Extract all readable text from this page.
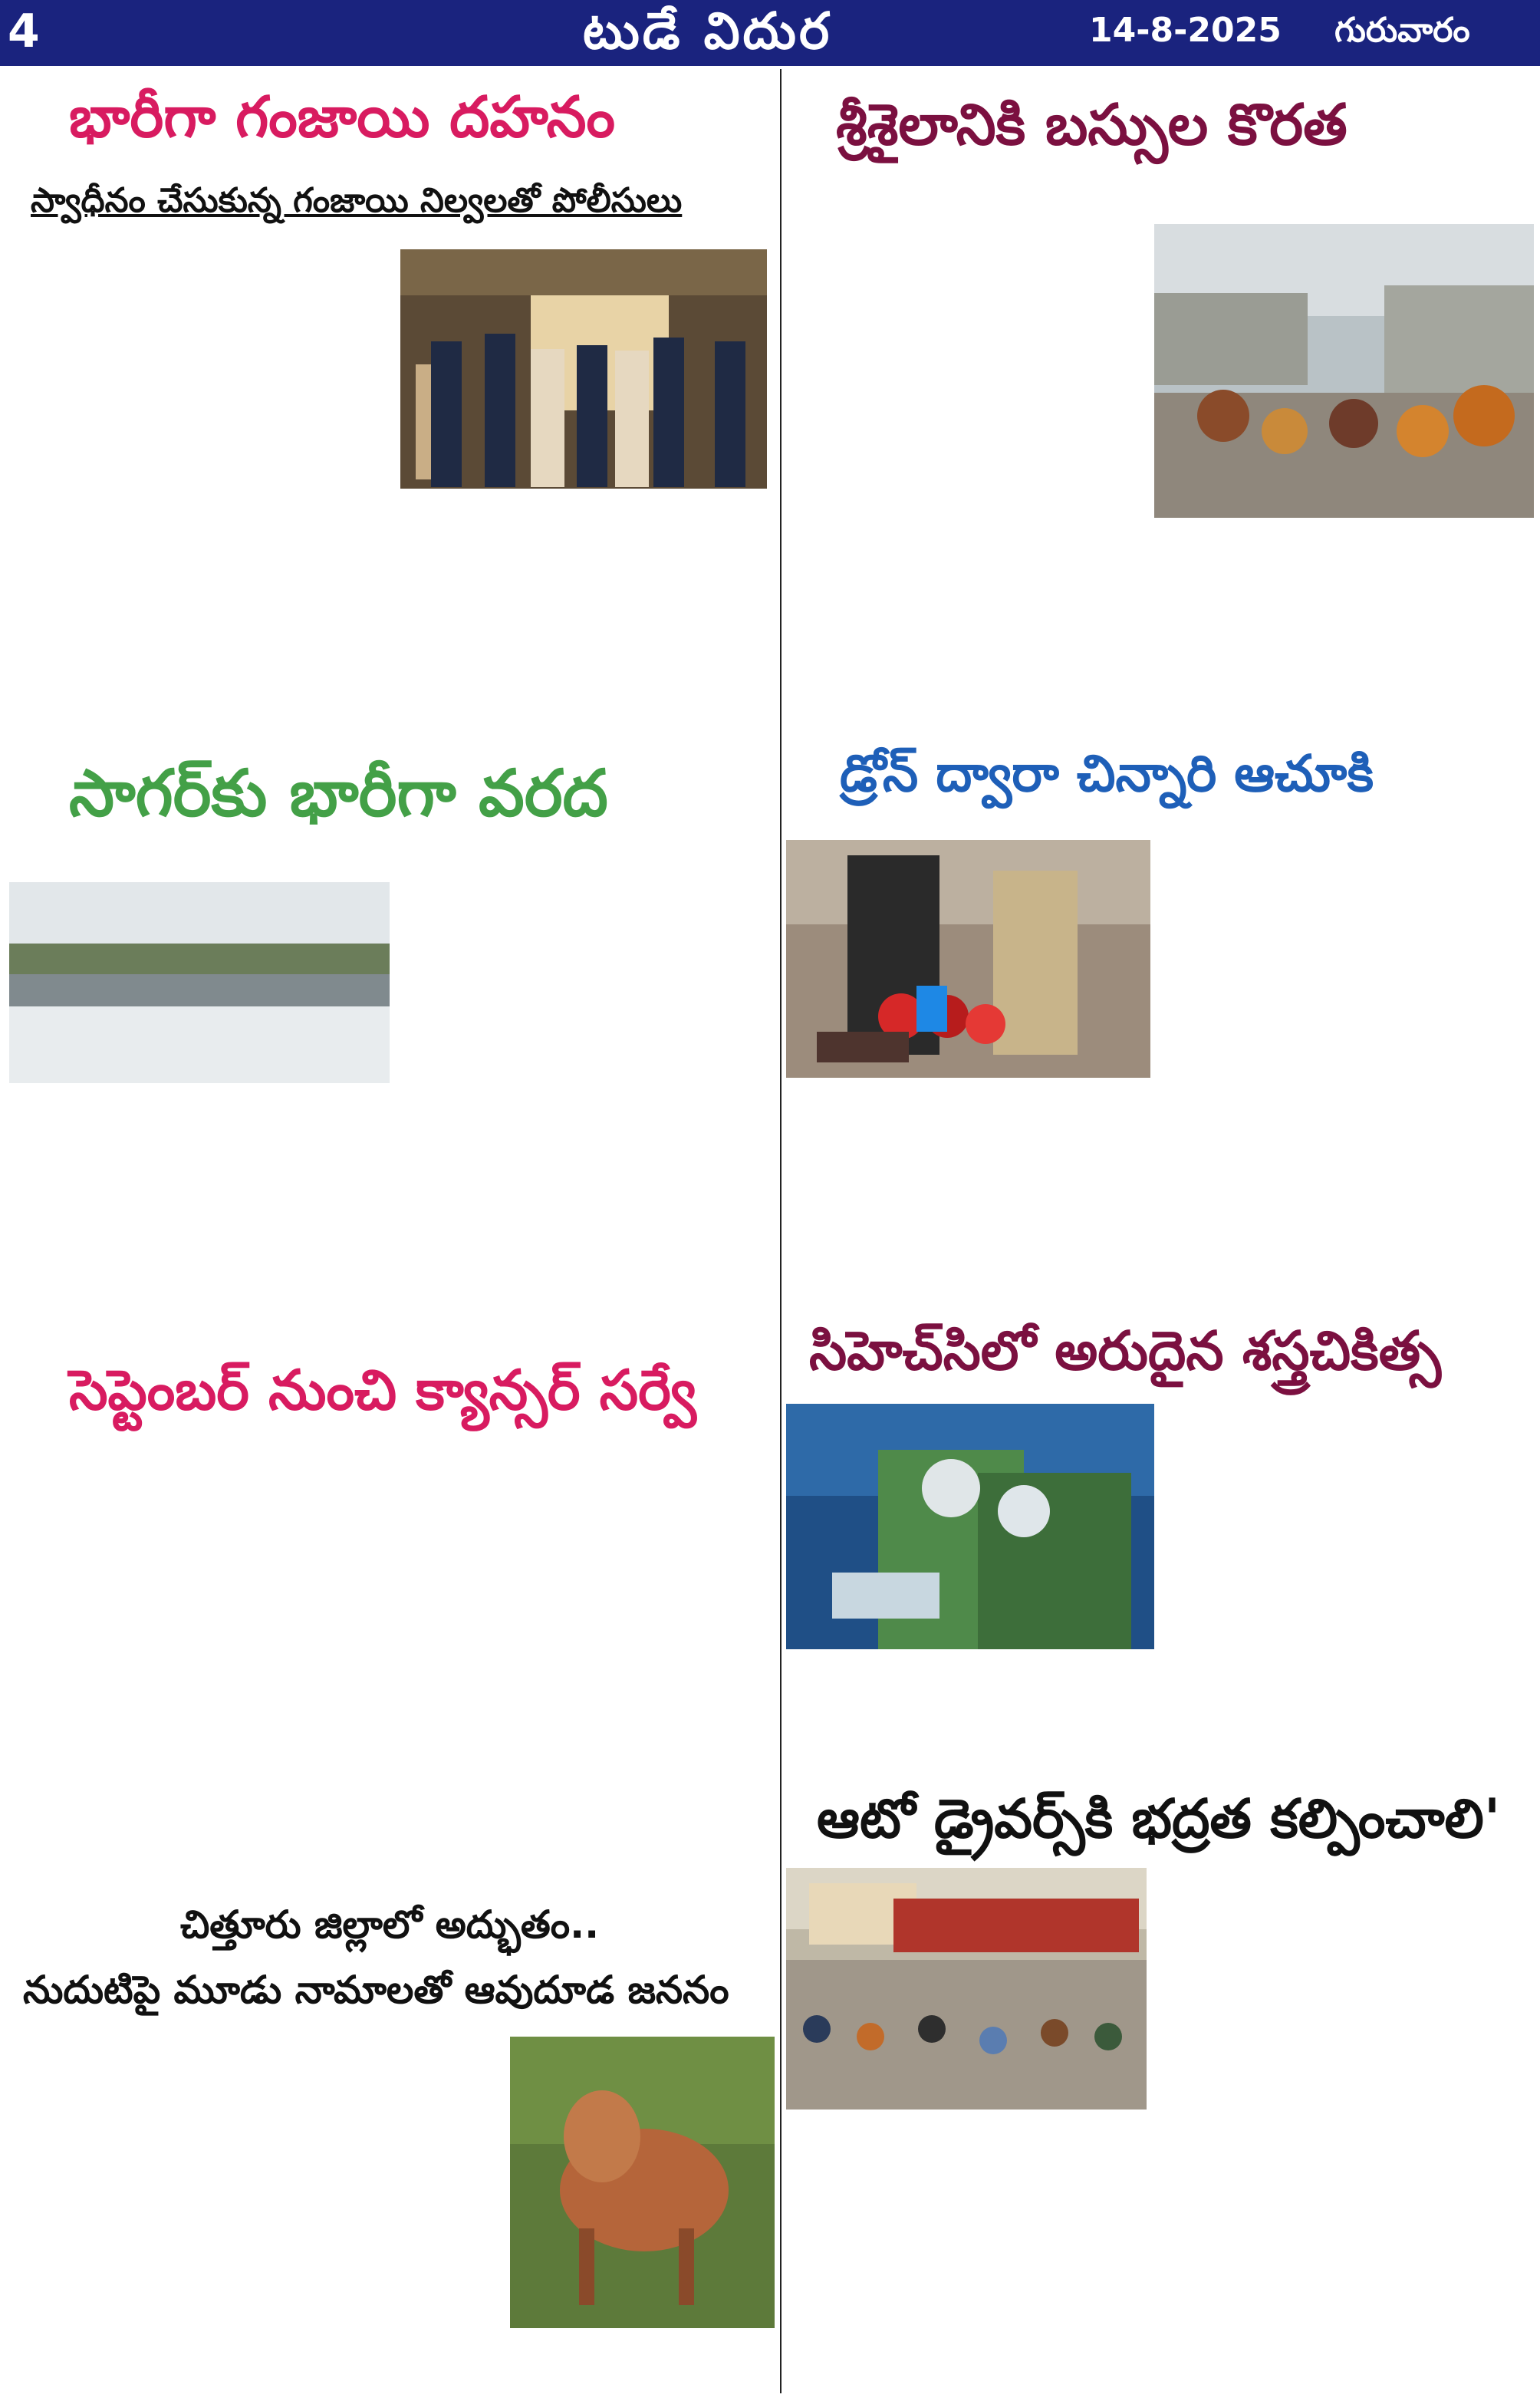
4	టుడే విదుర	14-8-2025 గురువారం
భారీగా గంజాయి దహనం
స్వాధీనం చేసుకున్న గంజాయి నిల్వలతో పోలీసులు
శ్రీశైలానికి బస్సుల కొరత
సాగర్‌కు భారీగా వరద	డ్రోన్ ద్వారా చిన్నారి ఆచూకి
సెప్టెంబర్ నుంచి క్యాన్సర్ సర్వే
సిహెచ్‌సిలో అరుదైన శస్త్రచికిత్స
ఆటో డ్రైవర్స్‌కి భద్రత కల్పించాలి'
చిత్తూరు జిల్లాలో అద్భుతం..
నుదుటిపై మూడు నామాలతో ఆవుదూడ జననం
